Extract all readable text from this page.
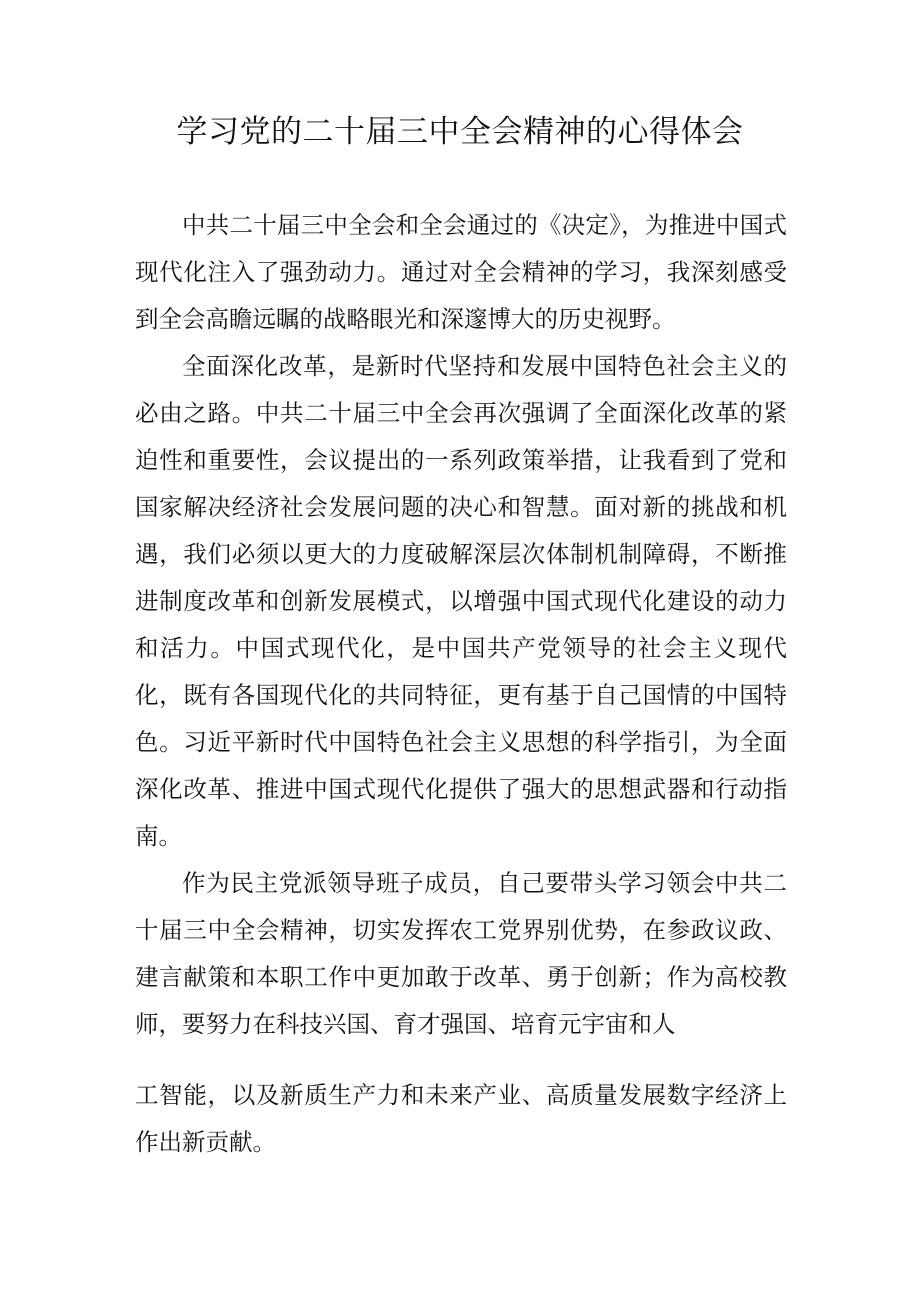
学习党的二十届三中全会精神的心得体会

中共二十届三中全会和全会通过的《决定》，为推进中国式现代化注入了强劲动力。通过对全会精神的学习，我深刻感受到全会高瞻远瞩的战略眼光和深邃博大的历史视野。

全面深化改革，是新时代坚持和发展中国特色社会主义的必由之路。中共二十届三中全会再次强调了全面深化改革的紧迫性和重要性，会议提出的一系列政策举措，让我看到了党和国家解决经济社会发展问题的决心和智慧。面对新的挑战和机遇，我们必须以更大的力度破解深层次体制机制障碍，不断推进制度改革和创新发展模式，以增强中国式现代化建设的动力和活力。中国式现代化，是中国共产党领导的社会主义现代化，既有各国现代化的共同特征，更有基于自己国情的中国特色。习近平新时代中国特色社会主义思想的科学指引，为全面深化改革、推进中国式现代化提供了强大的思想武器和行动指南。

作为民主党派领导班子成员，自己要带头学习领会中共二十届三中全会精神，切实发挥农工党界别优势，在参政议政、建言献策和本职工作中更加敢于改革、勇于创新；作为高校教师，要努力在科技兴国、育才强国、培育元宇宙和人

工智能，以及新质生产力和未来产业、高质量发展数字经济上作出新贡献。
